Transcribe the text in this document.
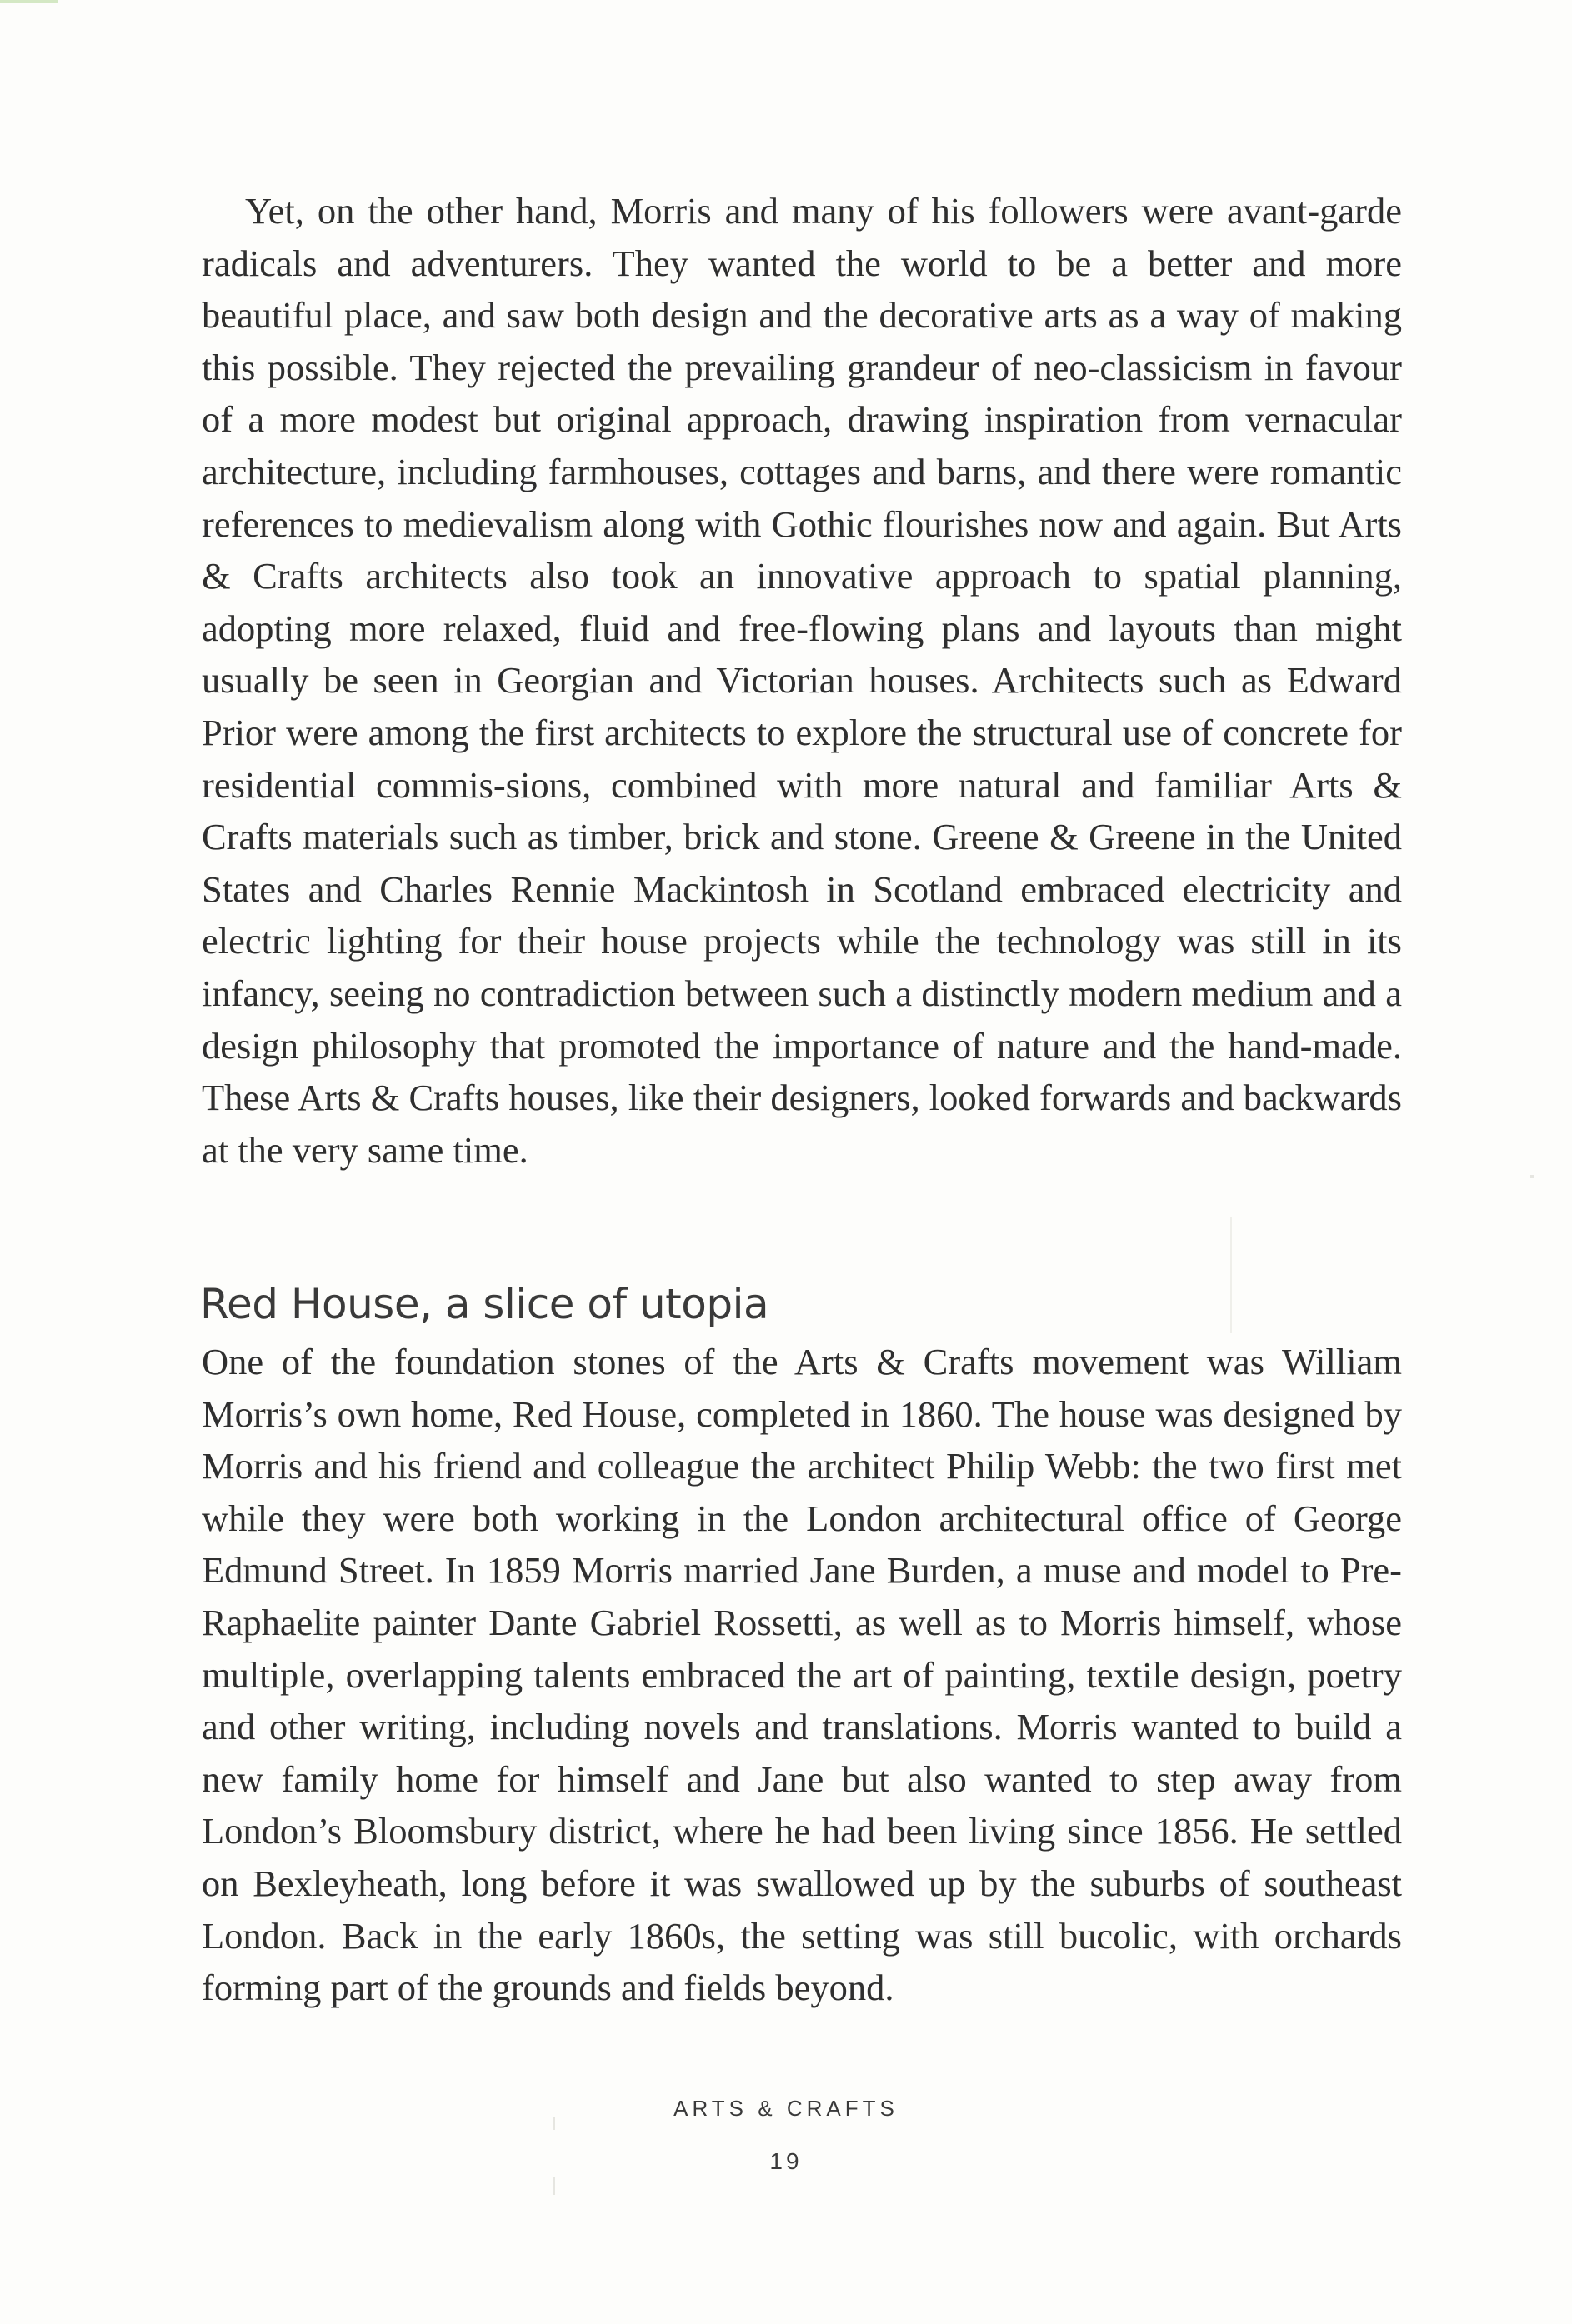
Yet, on the other hand, Morris and many of his followers were avant-garde radicals and adventurers. They wanted the world to be a better and more beautiful place, and saw both design and the decorative arts as a way of making this possible. They rejected the prevailing grandeur of neo-classicism in favour of a more modest but original approach, drawing inspiration from vernacular architecture, including farmhouses, cottages and barns, and there were romantic references to medievalism along with Gothic flourishes now and again. But Arts & Crafts architects also took an innovative approach to spatial planning, adopting more relaxed, fluid and free-flowing plans and layouts than might usually be seen in Georgian and Victorian houses. Architects such as Edward Prior were among the first architects to explore the structural use of concrete for residential commis-sions, combined with more natural and familiar Arts & Crafts materials such as timber, brick and stone. Greene & Greene in the United States and Charles Rennie Mackintosh in Scotland embraced electricity and electric lighting for their house projects while the technology was still in its infancy, seeing no contradiction between such a distinctly modern medium and a design philosophy that promoted the importance of nature and the hand-made. These Arts & Crafts houses, like their designers, looked forwards and backwards at the very same time.

Red House, a slice of utopia

One of the foundation stones of the Arts & Crafts movement was William Morris’s own home, Red House, completed in 1860. The house was designed by Morris and his friend and colleague the architect Philip Webb: the two first met while they were both working in the London architectural office of George Edmund Street. In 1859 Morris married Jane Burden, a muse and model to Pre-Raphaelite painter Dante Gabriel Rossetti, as well as to Morris himself, whose multiple, overlapping talents embraced the art of painting, textile design, poetry and other writing, including novels and translations. Morris wanted to build a new family home for himself and Jane but also wanted to step away from London’s Bloomsbury district, where he had been living since 1856. He settled on Bexleyheath, long before it was swallowed up by the suburbs of southeast London. Back in the early 1860s, the setting was still bucolic, with orchards forming part of the grounds and fields beyond.

ARTS & CRAFTS
19
